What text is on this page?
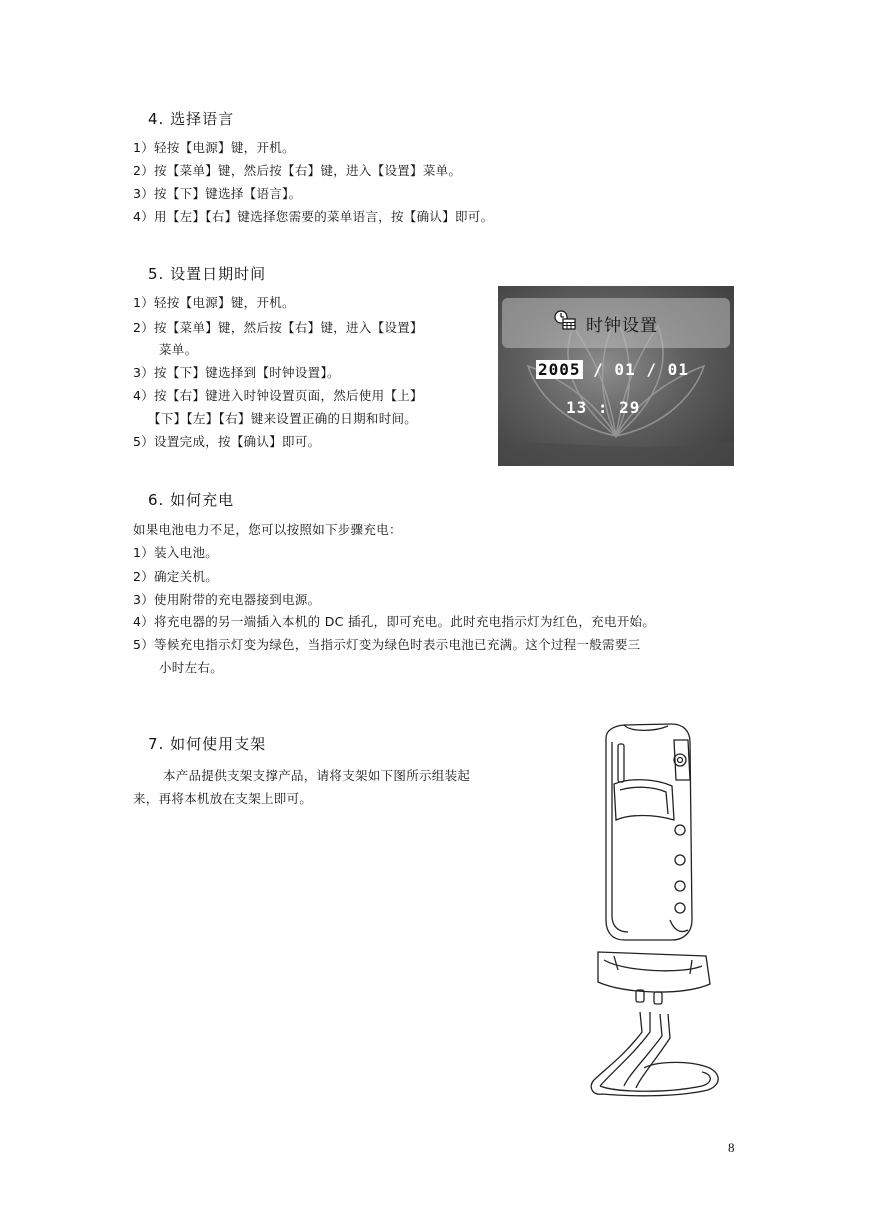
4. 选择语言
1）轻按【电源】键，开机。
2）按【菜单】键，然后按【右】键，进入【设置】菜单。
3）按【下】键选择【语言】。
4）用【左】【右】键选择您需要的菜单语言，按【确认】即可。
5. 设置日期时间
1）轻按【电源】键，开机。
2）按【菜单】键，然后按【右】键，进入【设置】
菜单。
3）按【下】键选择到【时钟设置】。
4）按【右】键进入时钟设置页面，然后使用【上】
【下】【左】【右】键来设置正确的日期和时间。
5）设置完成，按【确认】即可。
时钟设置
2005 / 01 / 01
13 : 29
6. 如何充电
如果电池电力不足，您可以按照如下步骤充电：
1）装入电池。
2）确定关机。
3）使用附带的充电器接到电源。
4）将充电器的另一端插入本机的 DC 插孔，即可充电。此时充电指示灯为红色，充电开始。
5）等候充电指示灯变为绿色，当指示灯变为绿色时表示电池已充满。这个过程一般需要三
小时左右。
7. 如何使用支架
本产品提供支架支撑产品，请将支架如下图所示组装起
来，再将本机放在支架上即可。
8
